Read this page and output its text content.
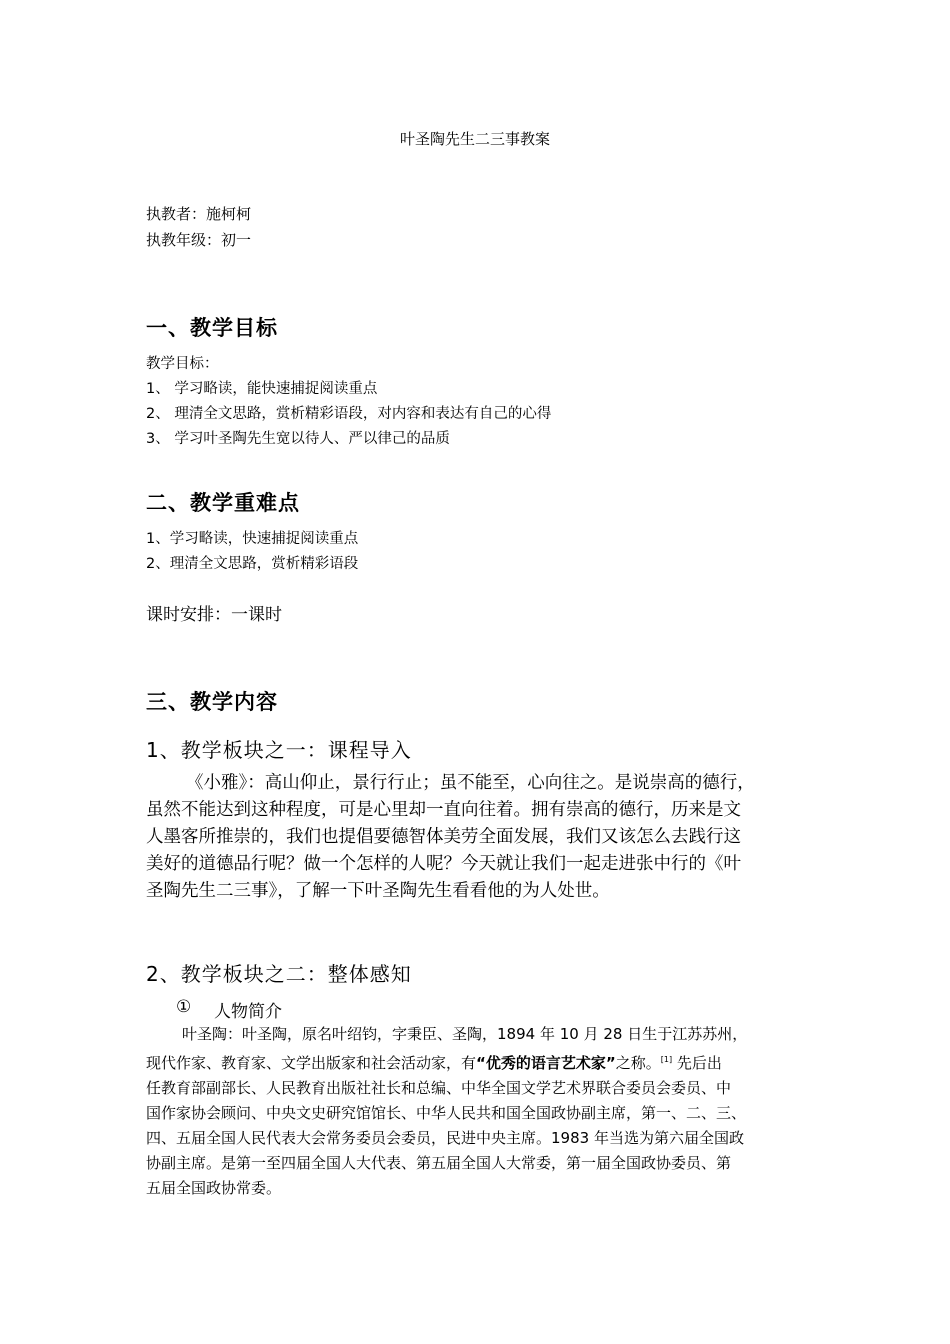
叶圣陶先生二三事教案
执教者：施柯柯
执教年级：初一
一、教学目标
教学目标：
1、 学习略读，能快速捕捉阅读重点
2、 理清全文思路，赏析精彩语段，对内容和表达有自己的心得
3、 学习叶圣陶先生宽以待人、严以律己的品质
二、教学重难点
1、学习略读，快速捕捉阅读重点
2、理清全文思路，赏析精彩语段
课时安排：一课时
三、教学内容
1、教学板块之一：课程导入
《小雅》：高山仰止，景行行止；虽不能至，心向往之。是说崇高的德行，
虽然不能达到这种程度，可是心里却一直向往着。拥有崇高的德行，历来是文
人墨客所推崇的，我们也提倡要德智体美劳全面发展，我们又该怎么去践行这
美好的道德品行呢？做一个怎样的人呢？今天就让我们一起走进张中行的《叶
圣陶先生二三事》，了解一下叶圣陶先生看看他的为人处世。
2、教学板块之二：整体感知
① 人物简介
叶圣陶：叶圣陶，原名叶绍钧，字秉臣、圣陶，1894 年 10 月 28 日生于江苏苏州，
现代作家、教育家、文学出版家和社会活动家，有“优秀的语言艺术家”之称。[1] 先后出
任教育部副部长、人民教育出版社社长和总编、中华全国文学艺术界联合委员会委员、中
国作家协会顾问、中央文史研究馆馆长、中华人民共和国全国政协副主席，第一、二、三、
四、五届全国人民代表大会常务委员会委员，民进中央主席。1983 年当选为第六届全国政
协副主席。是第一至四届全国人大代表、第五届全国人大常委，第一届全国政协委员、第
五届全国政协常委。
